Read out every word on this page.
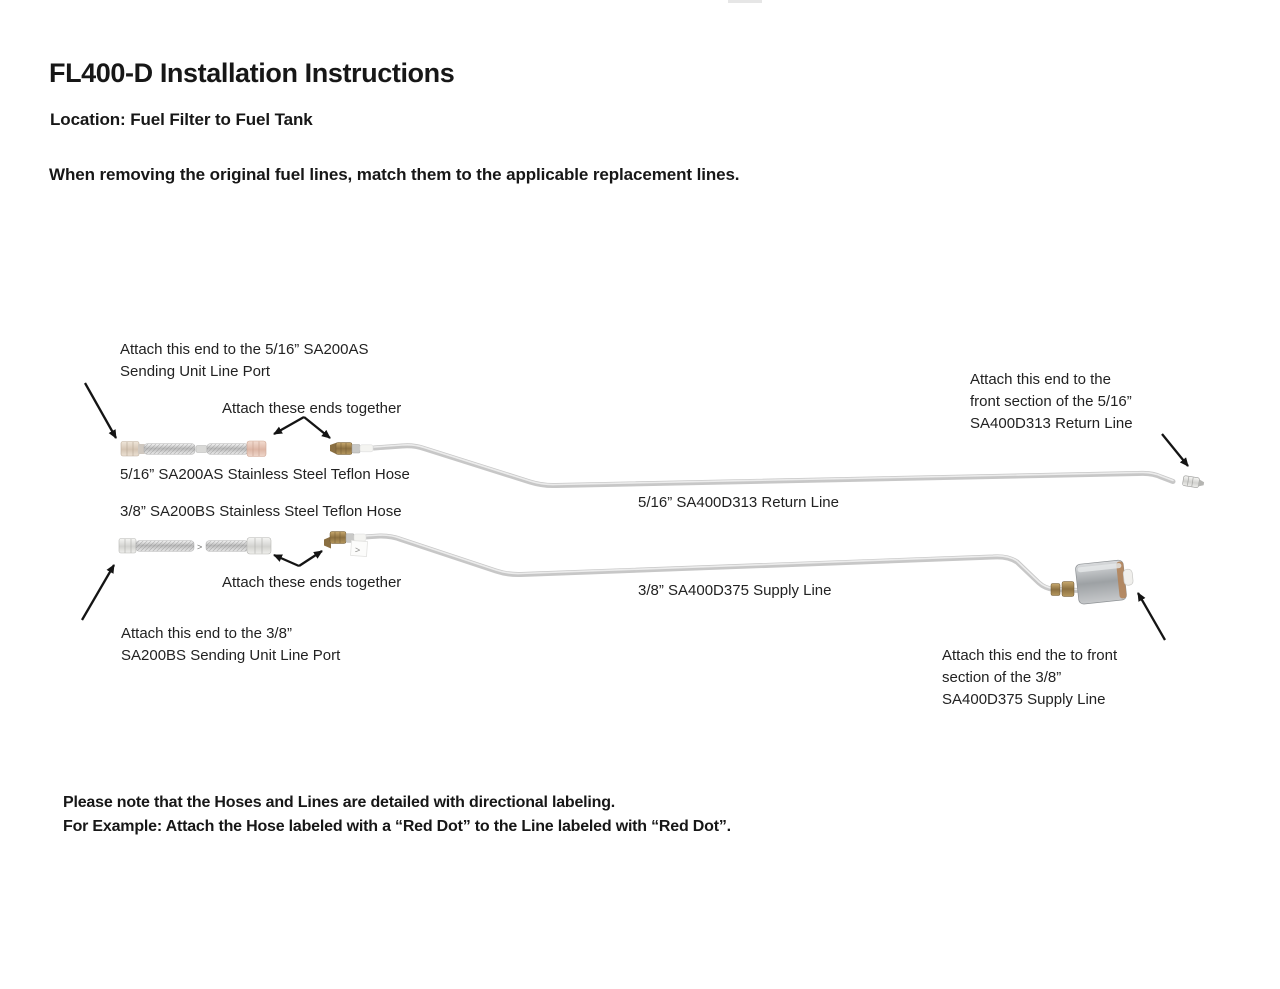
FL400-D Installation Instructions
Location: Fuel Filter to Fuel Tank
When removing the original fuel lines, match them to the applicable replacement lines.
>
>
Attach this end to the 5/16” SA200AS
Sending Unit Line Port
Attach these ends together
5/16” SA200AS Stainless Steel Teflon Hose
3/8” SA200BS Stainless Steel Teflon Hose
Attach these ends together
Attach this end to the 3/8”
SA200BS Sending Unit Line Port
5/16” SA400D313 Return Line
3/8” SA400D375 Supply Line
Attach this end to the
front section of the 5/16”
SA400D313 Return Line
Attach this end the to front
section of the 3/8”
SA400D375 Supply Line
Please note that the Hoses and Lines are detailed with directional labeling.
For Example: Attach the Hose labeled with a “Red Dot” to the Line labeled with “Red Dot”.
